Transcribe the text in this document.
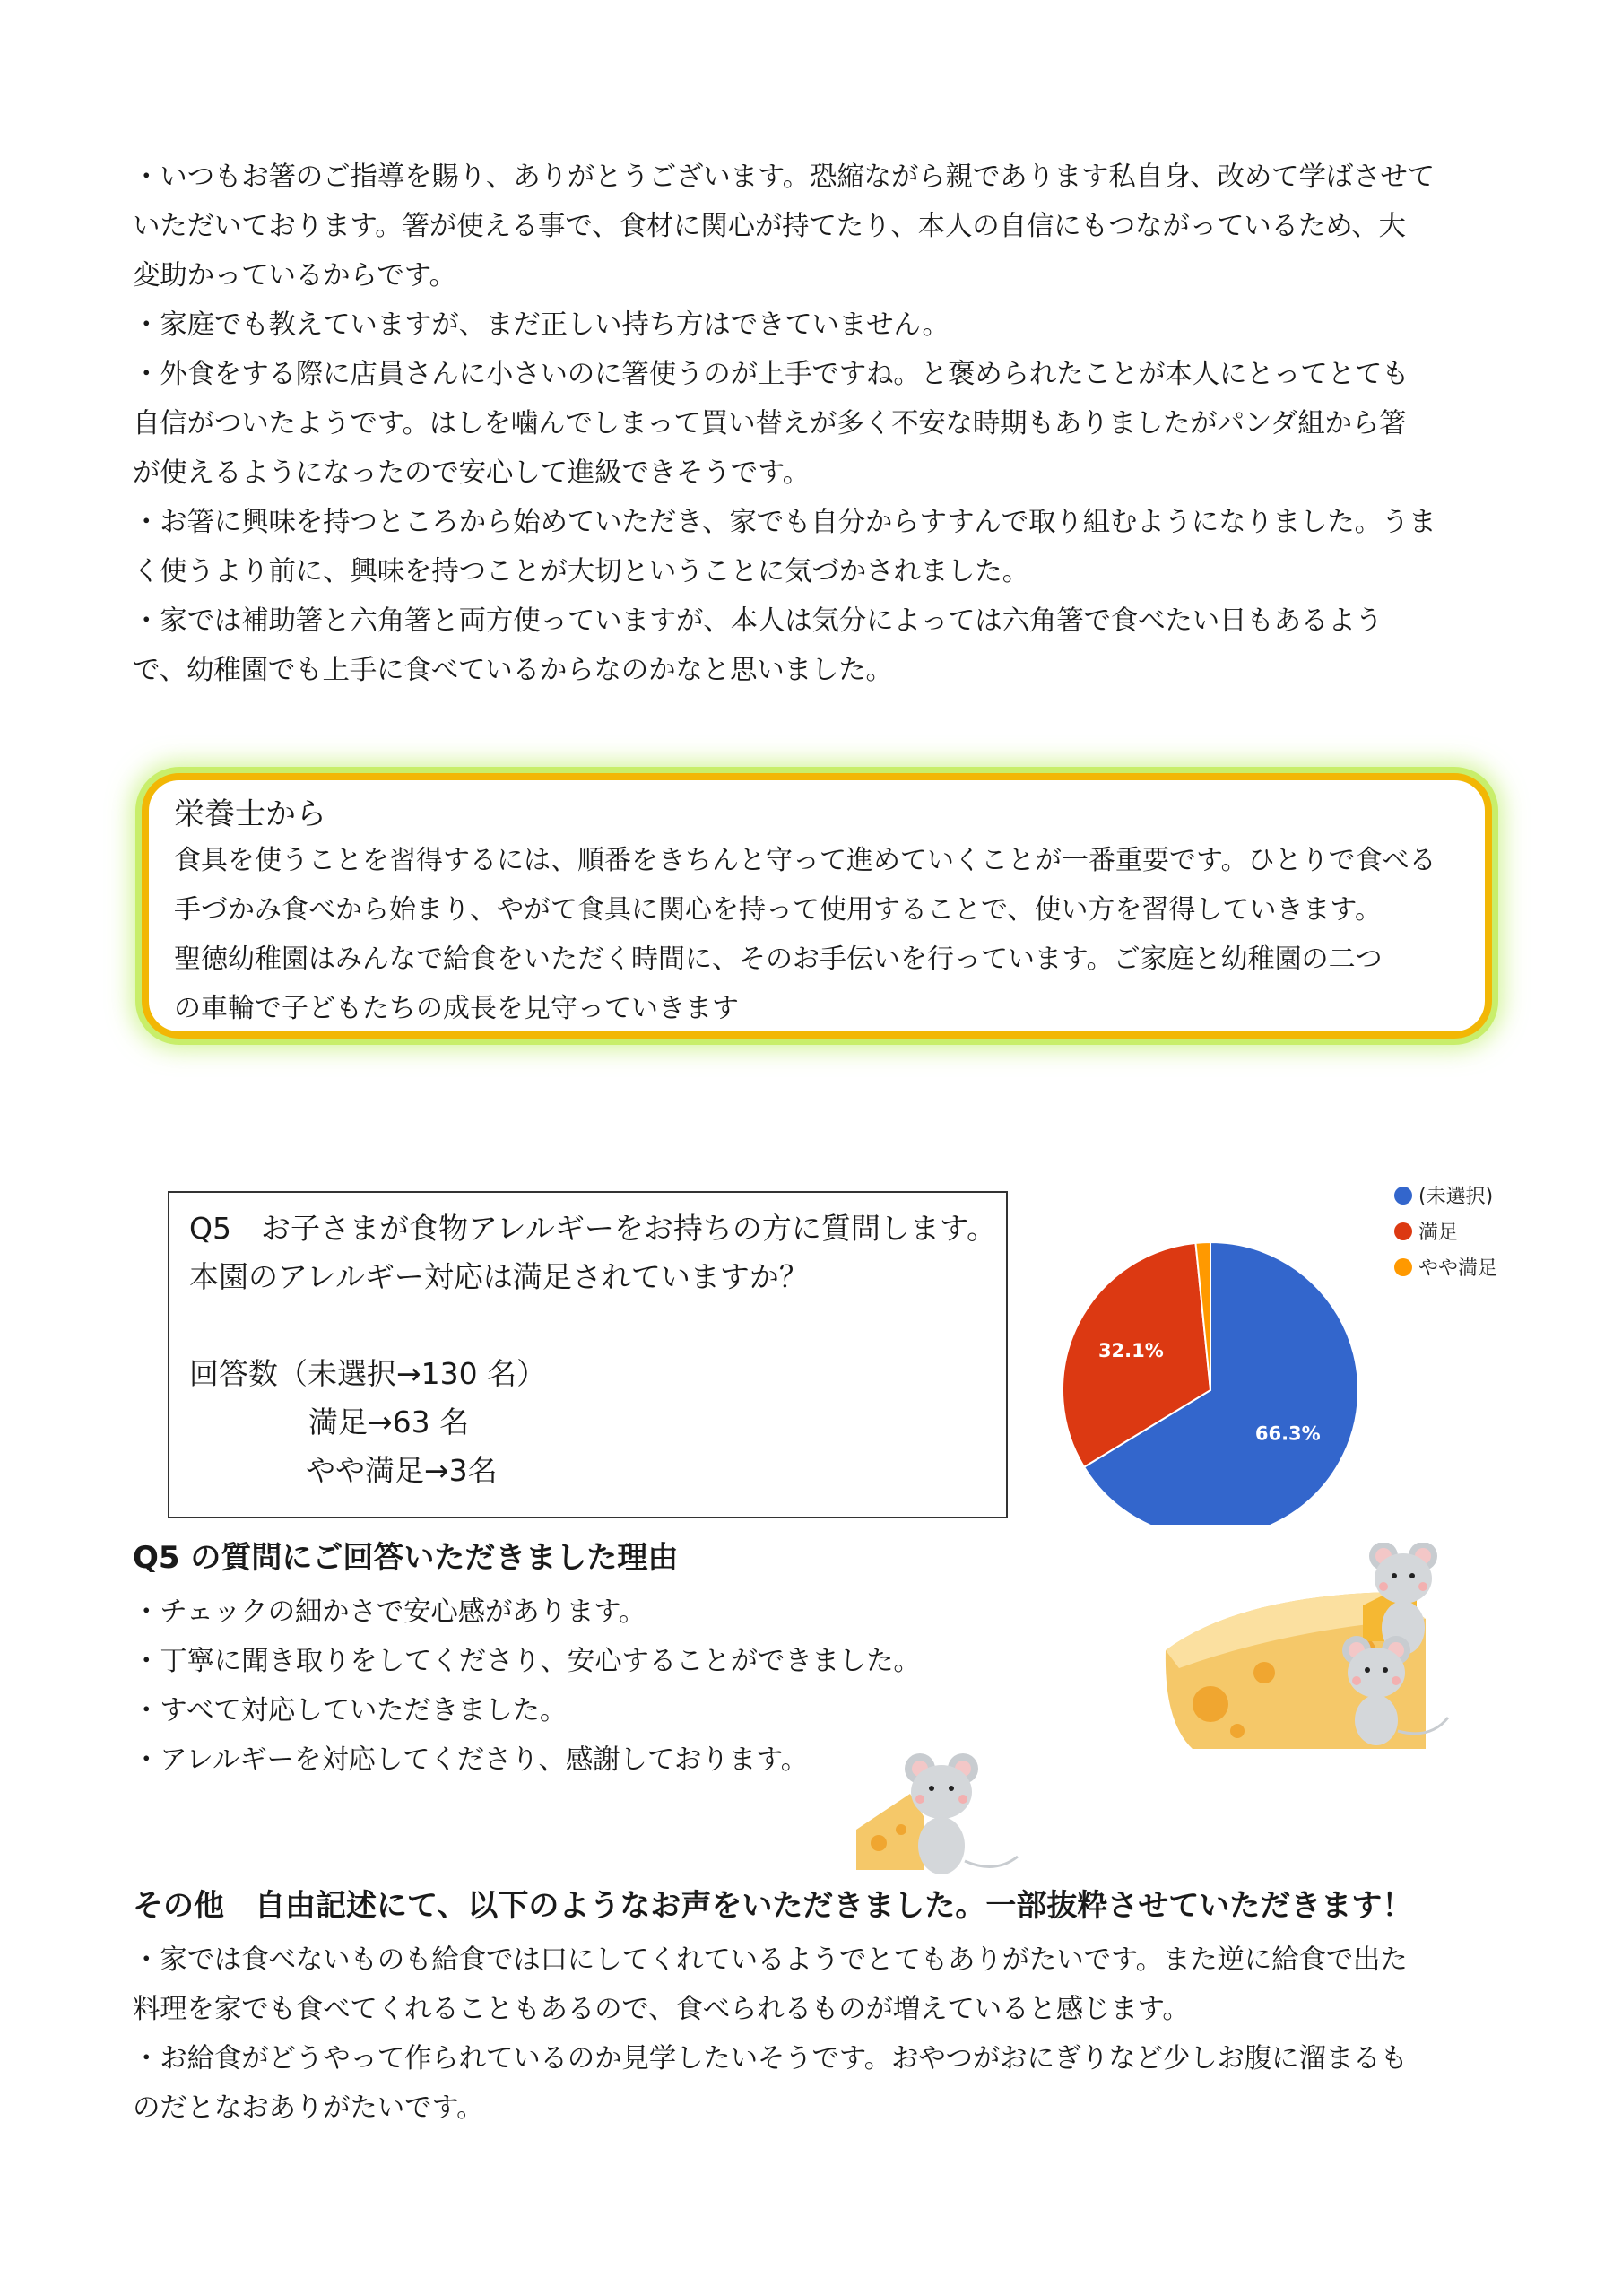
・いつもお箸のご指導を賜り、ありがとうございます。恐縮ながら親であります私自身、改めて学ばさせて

いただいております。箸が使える事で、食材に関心が持てたり、本人の自信にもつながっているため、大

変助かっているからです。

・家庭でも教えていますが、まだ正しい持ち方はできていません。

・外食をする際に店員さんに小さいのに箸使うのが上手ですね。と褒められたことが本人にとってとても

自信がついたようです。はしを噛んでしまって買い替えが多く不安な時期もありましたがパンダ組から箸

が使えるようになったので安心して進級できそうです。

・お箸に興味を持つところから始めていただき、家でも自分からすすんで取り組むようになりました。うま

く使うより前に、興味を持つことが大切ということに気づかされました。

・家では補助箸と六角箸と両方使っていますが、本人は気分によっては六角箸で食べたい日もあるよう

で、幼稚園でも上手に食べているからなのかなと思いました。

栄養士から

食具を使うことを習得するには、順番をきちんと守って進めていくことが一番重要です。ひとりで食べる

手づかみ食べから始まり、やがて食具に関心を持って使用することで、使い方を習得していきます。

聖徳幼稚園はみんなで給食をいただく時間に、そのお手伝いを行っています。ご家庭と幼稚園の二つ

の車輪で子どもたちの成長を見守っていきます

Q5　お子さまが食物アレルギーをお持ちの方に質問します。
本園のアレルギー対応は満足されていますか？
回答数（未選択→130 名）
満足→63 名
やや満足→3名
66.3%
32.1%
(未選択)
満足
やや満足
Q5 の質問にご回答いただきました理由

・チェックの細かさで安心感があります。

・丁寧に聞き取りをしてくださり、安心することができました。

・すべて対応していただきました。

・アレルギーを対応してくださり、感謝しております。

その他　自由記述にて、以下のようなお声をいただきました。一部抜粋させていただきます！

・家では食べないものも給食では口にしてくれているようでとてもありがたいです。また逆に給食で出た

料理を家でも食べてくれることもあるので、食べられるものが増えていると感じます。

・お給食がどうやって作られているのか見学したいそうです。おやつがおにぎりなど少しお腹に溜まるも

のだとなおありがたいです。
